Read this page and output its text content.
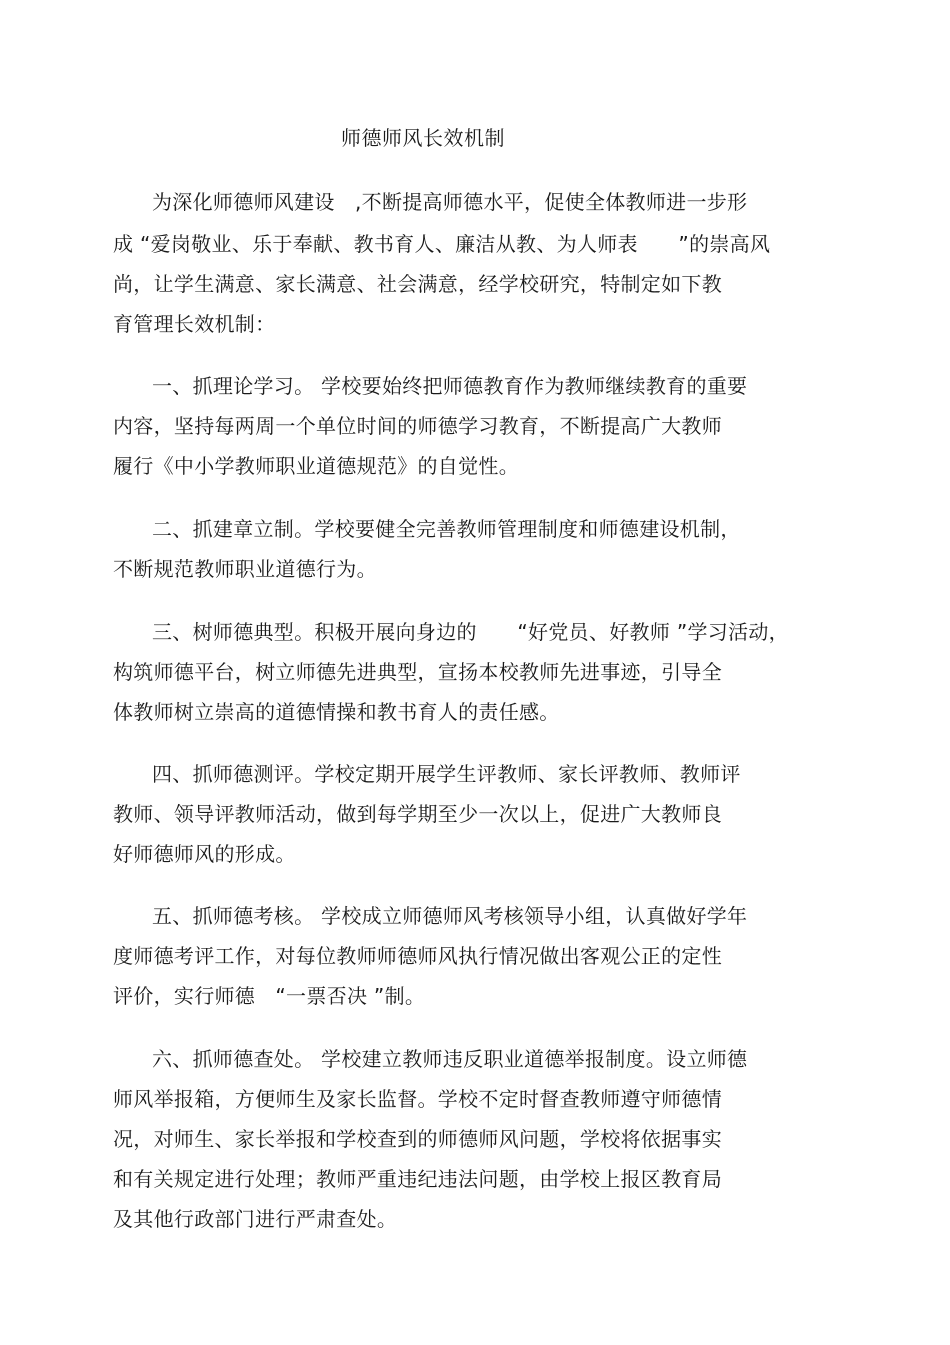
师德师风长效机制
为深化师德师风建设　,不断提高师德水平，促使全体教师进一步形
成 “爱岗敬业、乐于奉献、教书育人、廉洁从教、为人师表　　”的崇高风
尚，让学生满意、家长满意、社会满意，经学校研究，特制定如下教
育管理长效机制：
一、抓理论学习。 学校要始终把师德教育作为教师继续教育的重要
内容，坚持每两周一个单位时间的师德学习教育，不断提高广大教师
履行《中小学教师职业道德规范》的自觉性。
二、抓建章立制。学校要健全完善教师管理制度和师德建设机制，
不断规范教师职业道德行为。
三、树师德典型。积极开展向身边的　　“好党员、好教师 ”学习活动，
构筑师德平台，树立师德先进典型，宣扬本校教师先进事迹，引导全
体教师树立崇高的道德情操和教书育人的责任感。
四、抓师德测评。学校定期开展学生评教师、家长评教师、教师评
教师、领导评教师活动，做到每学期至少一次以上，促进广大教师良
好师德师风的形成。
五、抓师德考核。 学校成立师德师风考核领导小组，认真做好学年
度师德考评工作，对每位教师师德师风执行情况做出客观公正的定性
评价，实行师德　“一票否决 ”制。
六、抓师德查处。 学校建立教师违反职业道德举报制度。设立师德
师风举报箱，方便师生及家长监督。学校不定时督查教师遵守师德情
况，对师生、家长举报和学校查到的师德师风问题，学校将依据事实
和有关规定进行处理；教师严重违纪违法问题，由学校上报区教育局
及其他行政部门进行严肃查处。
